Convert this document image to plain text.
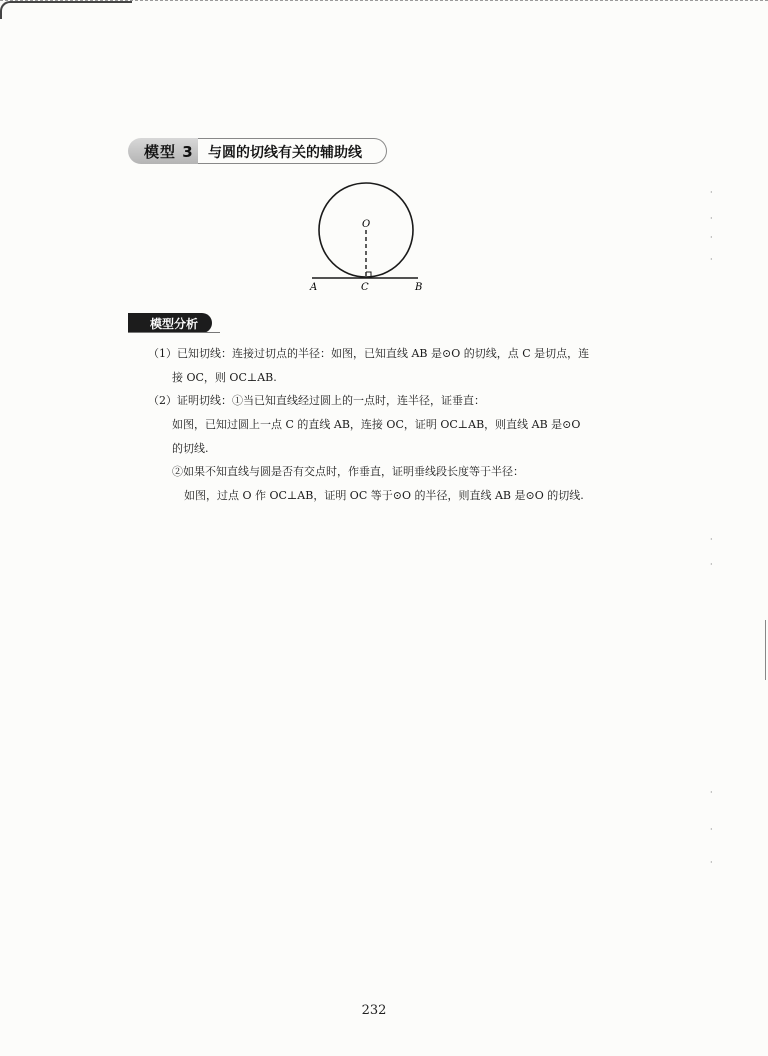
模型 3 与圆的切线有关的辅助线
O
A	C	B
模型分析
（1）已知切线：连接过切点的半径：如图，已知直线 AB 是⊙O 的切线，点 C 是切点，连
接 OC，则 OC⊥AB.
（2）证明切线：①当已知直线经过圆上的一点时，连半径，证垂直：
如图，已知过圆上一点 C 的直线 AB，连接 OC，证明 OC⊥AB，则直线 AB 是⊙O
的切线.
②如果不知直线与圆是否有交点时，作垂直，证明垂线段长度等于半径：
如图，过点 O 作 OC⊥AB，证明 OC 等于⊙O 的半径，则直线 AB 是⊙O 的切线.
·
·
·
·
·
·
·
·
·
232
